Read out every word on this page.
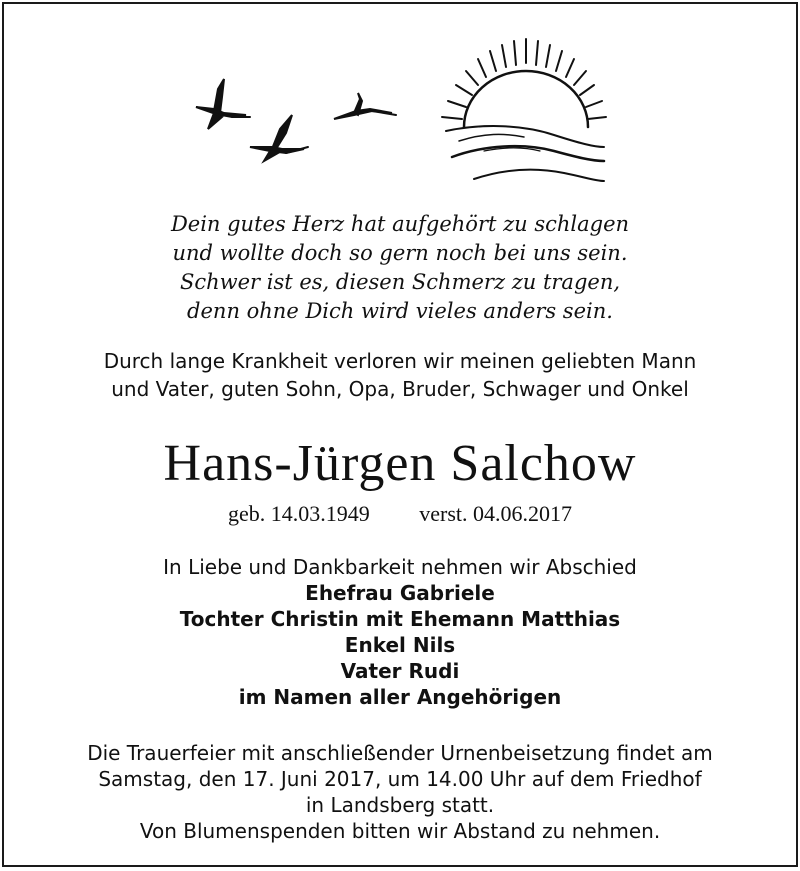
Dein gutes Herz hat aufgehört zu schlagen
und wollte doch so gern noch bei uns sein.
Schwer ist es, diesen Schmerz zu tragen,
denn ohne Dich wird vieles anders sein.
Durch lange Krankheit verloren wir meinen geliebten Mann
und Vater, guten Sohn, Opa, Bruder, Schwager und Onkel
Hans-Jürgen Salchow
geb. 14.03.1949 verst. 04.06.2017
In Liebe und Dankbarkeit nehmen wir Abschied
Ehefrau Gabriele
Tochter Christin mit Ehemann Matthias
Enkel Nils
Vater Rudi
im Namen aller Angehörigen
Die Trauerfeier mit anschließender Urnenbeisetzung findet am
Samstag, den 17. Juni 2017, um 14.00 Uhr auf dem Friedhof
in Landsberg statt.
Von Blumenspenden bitten wir Abstand zu nehmen.
